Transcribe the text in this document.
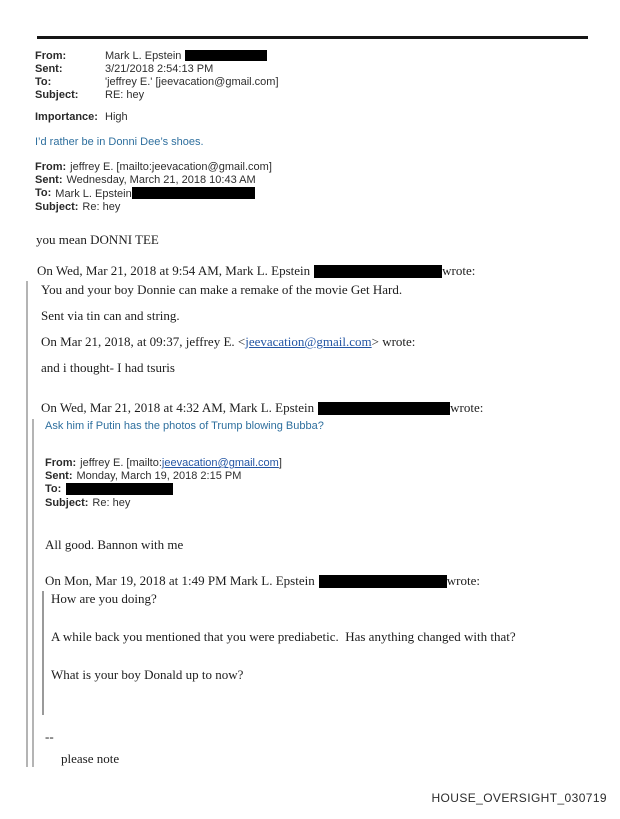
From:	Mark L. Epstein
Sent:	3/21/2018 2:54:13 PM
To:	'jeffrey E.' [jeevacation@gmail.com]
Subject:	RE: hey
Importance: High
I’d rather be in Donni Dee’s shoes.
From: jeffrey E. [mailto:jeevacation@gmail.com]
Sent: Wednesday, March 21, 2018 10:43 AM
To: Mark L. Epstein
Subject: Re: hey
you mean DONNI TEE
On Wed, Mar 21, 2018 at 9:54 AM, Mark L. Epstein	wrote:
You and your boy Donnie can make a remake of the movie Get Hard.
Sent via tin can and string.
On Mar 21, 2018, at 09:37, jeffrey E. <jeevacation@gmail.com> wrote:
and i thought- I had tsuris
On Wed, Mar 21, 2018 at 4:32 AM, Mark L. Epstein	wrote:
Ask him if Putin has the photos of Trump blowing Bubba?
From: jeffrey E. [mailto:jeevacation@gmail.com]
Sent: Monday, March 19, 2018 2:15 PM
To:
Subject: Re: hey
All good. Bannon with me
On Mon, Mar 19, 2018 at 1:49 PM Mark L. Epstein	wrote:
How are you doing?
A while back you mentioned that you were prediabetic.  Has anything changed with that?
What is your boy Donald up to now?
--
please note
HOUSE_OVERSIGHT_030719
